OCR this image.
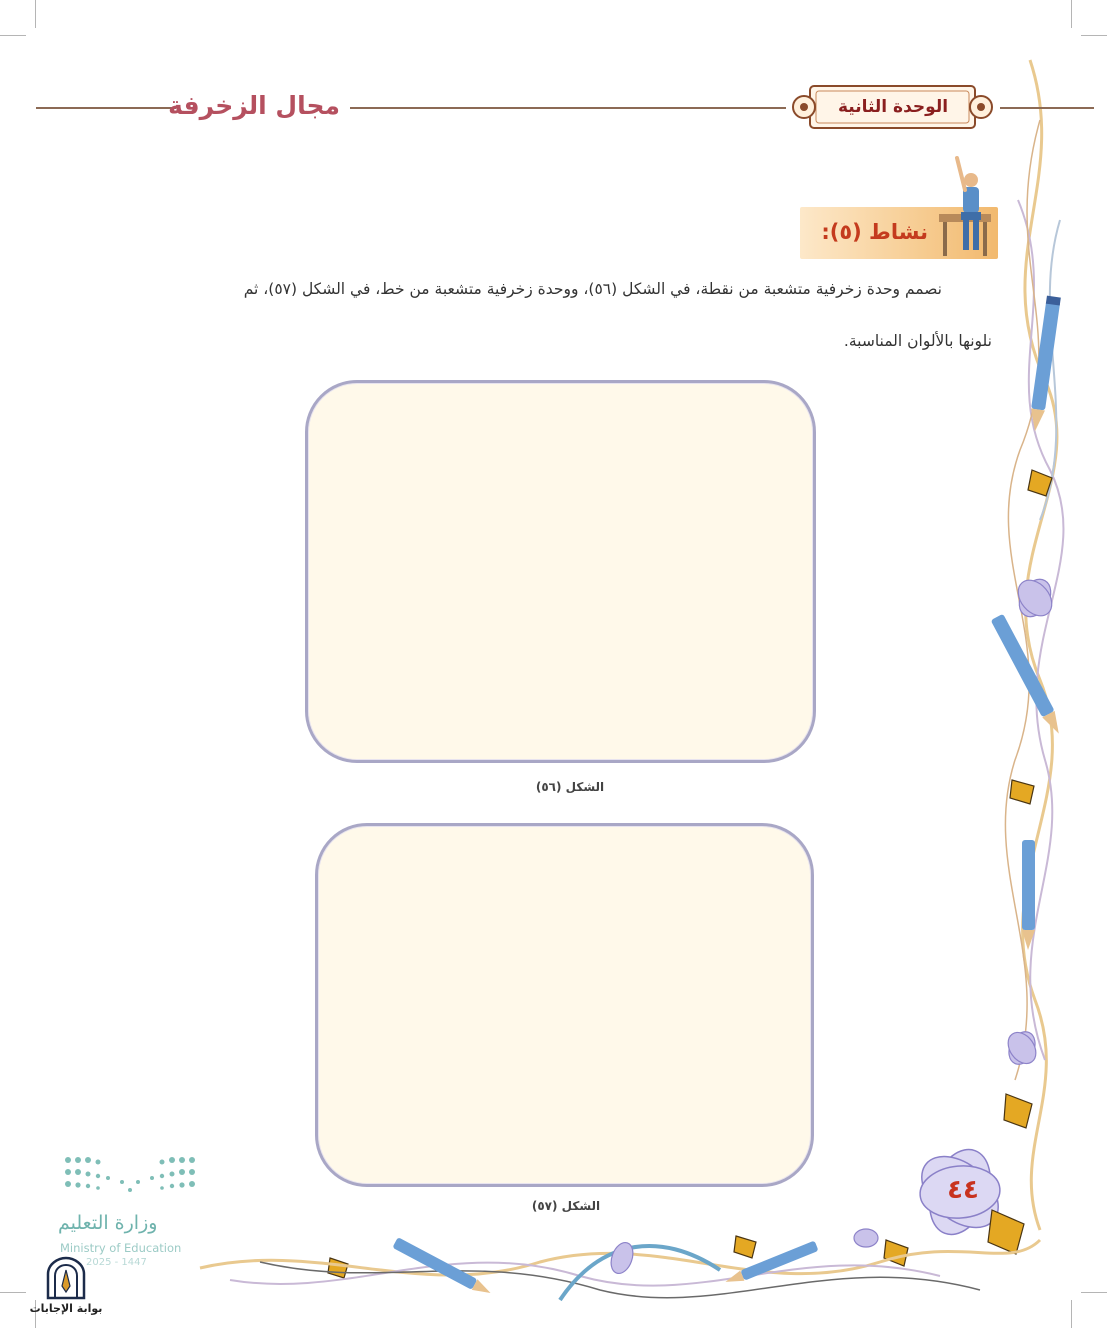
مجال الزخرفة	الوحدة الثانية
نشاط (٥):
نصمم وحدة زخرفية متشعبة من نقطة، في الشكل (٥٦)، ووحدة زخرفية متشعبة من خط، في الشكل (٥٧)، ثم
نلونها بالألوان المناسبة.
الشكل (٥٦)
الشكل (٥٧)
٤٤
وزارة التعليم
Ministry of Education
2025 - 1447
بوابة الإجابات
